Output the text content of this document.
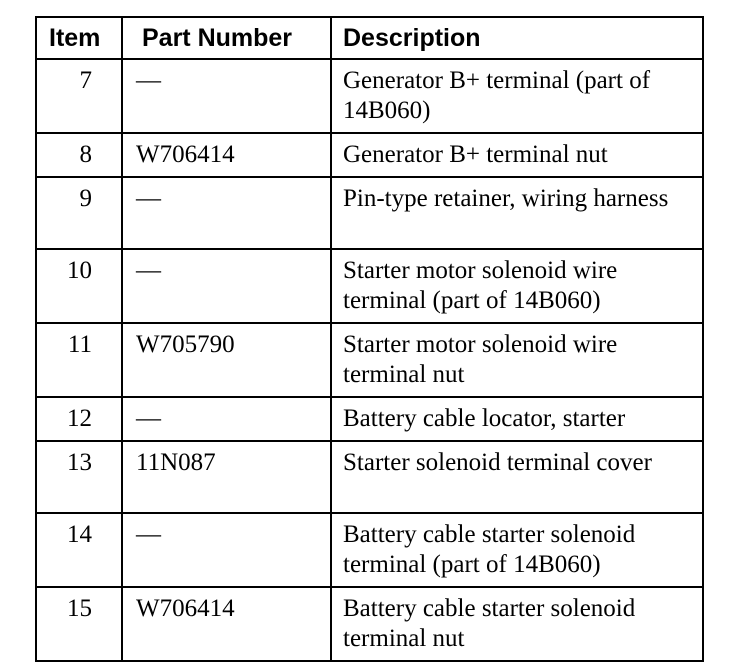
Item	Part Number	Description
7	—	Generator B+ terminal (part of 14B060)
8	W706414	Generator B+ terminal nut
9	—	Pin-type retainer, wiring harness
10	—	Starter motor solenoid wire terminal (part of 14B060)
11	W705790	Starter motor solenoid wire terminal nut
12	—	Battery cable locator, starter
13	11N087	Starter solenoid terminal cover
14	—	Battery cable starter solenoid terminal (part of 14B060)
15	W706414	Battery cable starter solenoid terminal nut
